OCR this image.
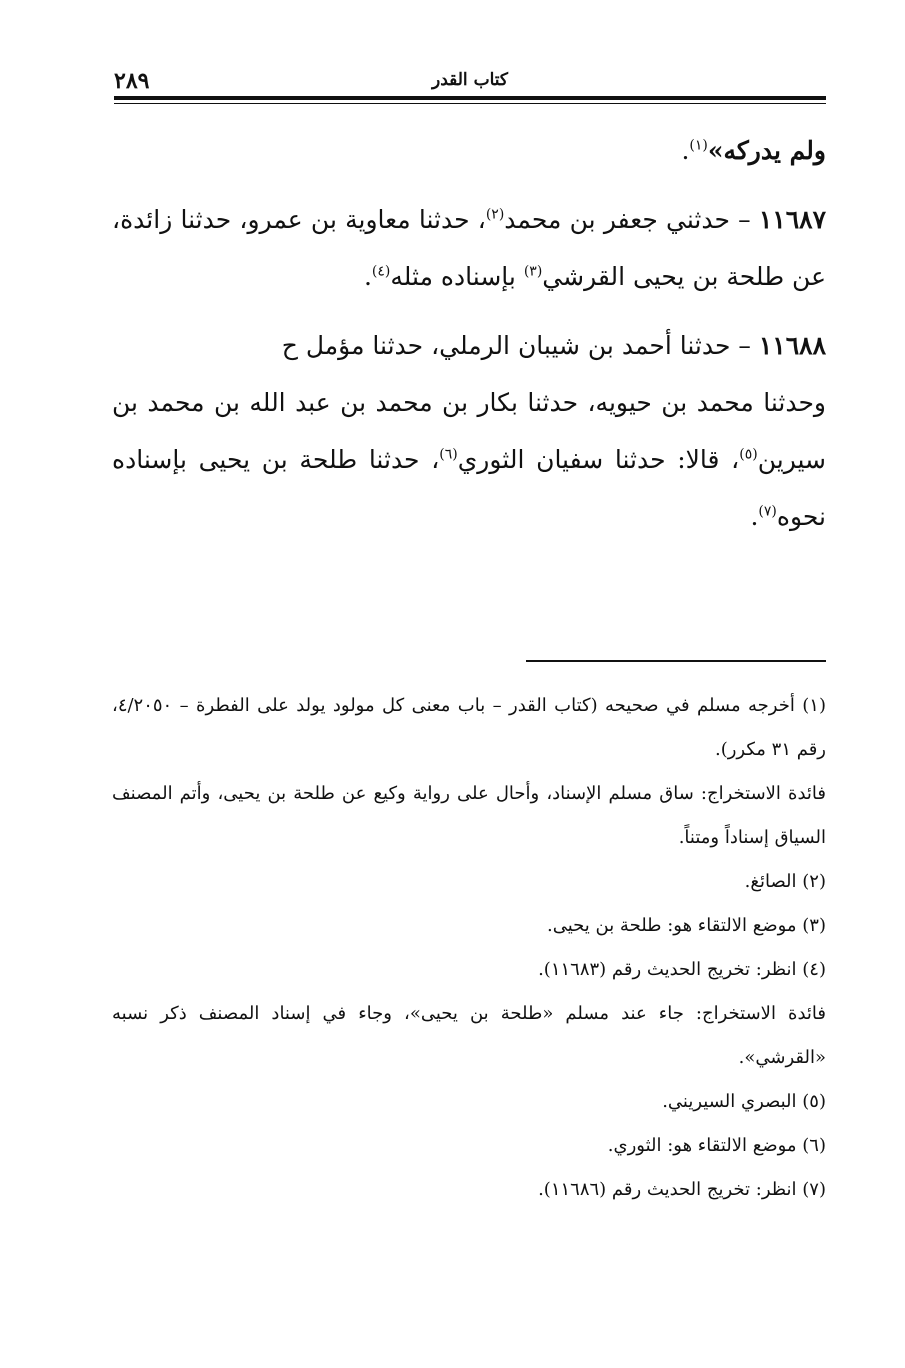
٢٨٩	كتاب القدر

ولم يدركه»$^{(١)}$.

١١٦٨٧ – حدثني جعفر بن محمد$^{(٢)}$، حدثنا معاوية بن عمرو، حدثنا زائدة، عن طلحة بن يحيى القرشي$^{(٣)}$ بإسناده مثله$^{(٤)}$.

١١٦٨٨ – حدثنا أحمد بن شيبان الرملي، حدثنا مؤمل ح

وحدثنا محمد بن حيويه، حدثنا بكار بن محمد بن عبد الله بن محمد بن سيرين$^{(٥)}$، قالا: حدثنا سفيان الثوري$^{(٦)}$، حدثنا طلحة بن يحيى بإسناده نحوه$^{(٧)}$.

(١) أخرجه مسلم في صحيحه (كتاب القدر – باب معنى كل مولود يولد على الفطرة – ٤/٢٠٥٠، رقم ٣١ مكرر).

فائدة الاستخراج: ساق مسلم الإسناد، وأحال على رواية وكيع عن طلحة بن يحيى، وأتم المصنف السياق إسناداً ومتناً.

(٢) الصائغ.

(٣) موضع الالتقاء هو: طلحة بن يحيى.

(٤) انظر: تخريج الحديث رقم (١١٦٨٣).

فائدة الاستخراج: جاء عند مسلم «طلحة بن يحيى»، وجاء في إسناد المصنف ذكر نسبه «القرشي».

(٥) البصري السيريني.

(٦) موضع الالتقاء هو: الثوري.

(٧) انظر: تخريج الحديث رقم (١١٦٨٦).
